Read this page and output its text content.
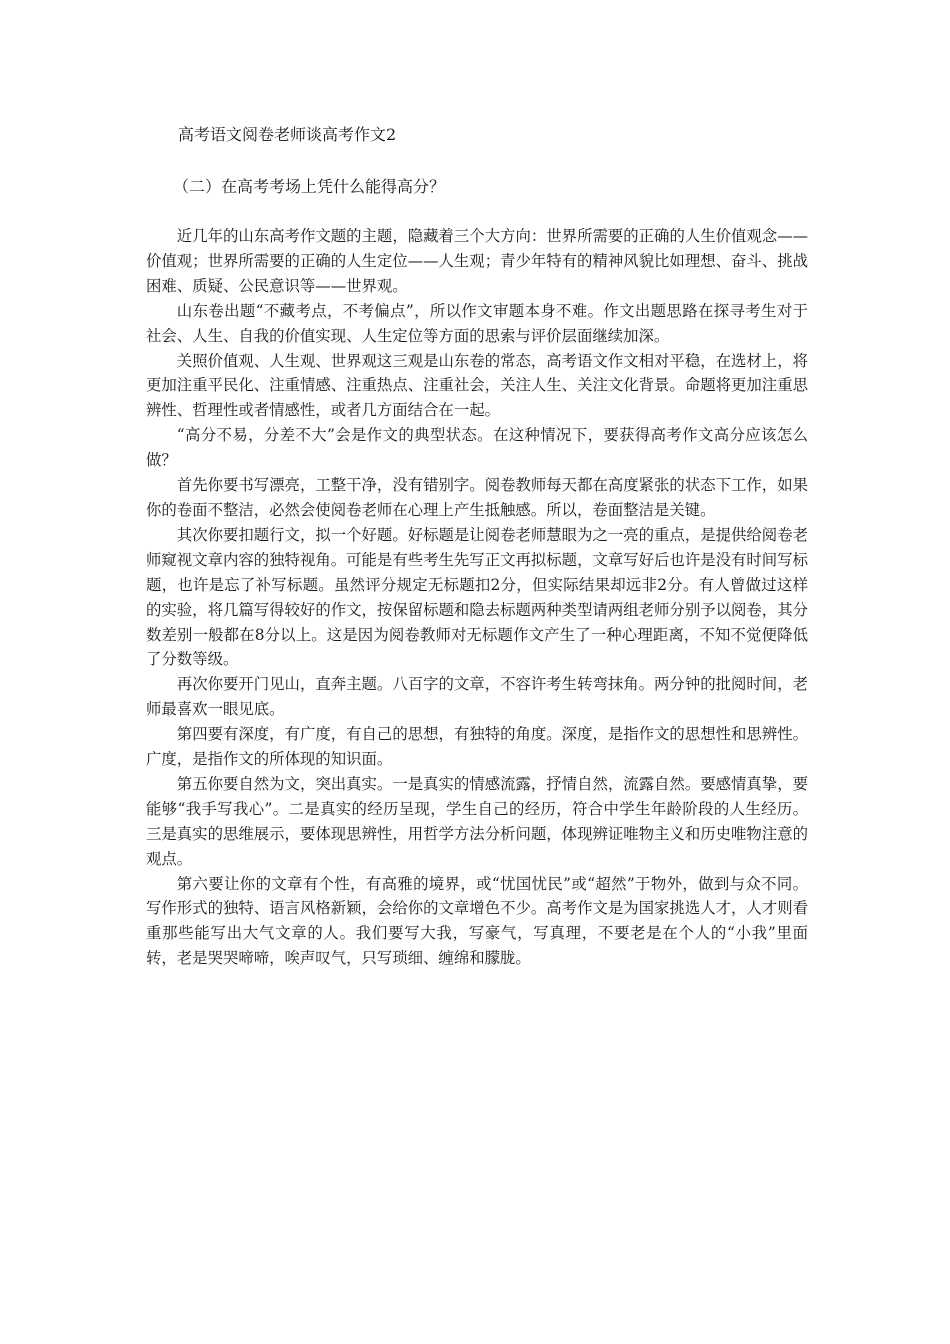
高考语文阅卷老师谈高考作文2
（二）在高考考场上凭什么能得高分？

近几年的山东高考作文题的主题，隐藏着三个大方向：世界所需要的正确的人生价值观念——价值观；世界所需要的正确的人生定位——人生观；青少年特有的精神风貌比如理想、奋斗、挑战困难、质疑、公民意识等——世界观。

山东卷出题“不藏考点，不考偏点”，所以作文审题本身不难。作文出题思路在探寻考生对于社会、人生、自我的价值实现、人生定位等方面的思索与评价层面继续加深。

关照价值观、人生观、世界观这三观是山东卷的常态，高考语文作文相对平稳，在选材上，将更加注重平民化、注重情感、注重热点、注重社会，关注人生、关注文化背景。命题将更加注重思辨性、哲理性或者情感性，或者几方面结合在一起。

“高分不易，分差不大”会是作文的典型状态。在这种情况下，要获得高考作文高分应该怎么做？

首先你要书写漂亮，工整干净，没有错别字。阅卷教师每天都在高度紧张的状态下工作，如果你的卷面不整洁，必然会使阅卷老师在心理上产生抵触感。所以，卷面整洁是关键。

其次你要扣题行文，拟一个好题。好标题是让阅卷老师慧眼为之一亮的重点，是提供给阅卷老师窥视文章内容的独特视角。可能是有些考生先写正文再拟标题，文章写好后也许是没有时间写标题，也许是忘了补写标题。虽然评分规定无标题扣2分，但实际结果却远非2分。有人曾做过这样的实验，将几篇写得较好的作文，按保留标题和隐去标题两种类型请两组老师分别予以阅卷，其分数差别一般都在8分以上。这是因为阅卷教师对无标题作文产生了一种心理距离，不知不觉便降低了分数等级。

再次你要开门见山，直奔主题。八百字的文章，不容许考生转弯抹角。两分钟的批阅时间，老师最喜欢一眼见底。

第四要有深度，有广度，有自己的思想，有独特的角度。深度，是指作文的思想性和思辨性。广度，是指作文的所体现的知识面。

第五你要自然为文，突出真实。一是真实的情感流露，抒情自然，流露自然。要感情真挚，要能够“我手写我心”。二是真实的经历呈现，学生自己的经历，符合中学生年龄阶段的人生经历。三是真实的思维展示，要体现思辨性，用哲学方法分析问题，体现辨证唯物主义和历史唯物注意的观点。

第六要让你的文章有个性，有高雅的境界，或“忧国忧民”或“超然”于物外，做到与众不同。写作形式的独特、语言风格新颖，会给你的文章增色不少。高考作文是为国家挑选人才，人才则看重那些能写出大气文章的人。我们要写大我，写豪气，写真理，不要老是在个人的“小我”里面转，老是哭哭啼啼，唉声叹气，只写琐细、缠绵和朦胧。
